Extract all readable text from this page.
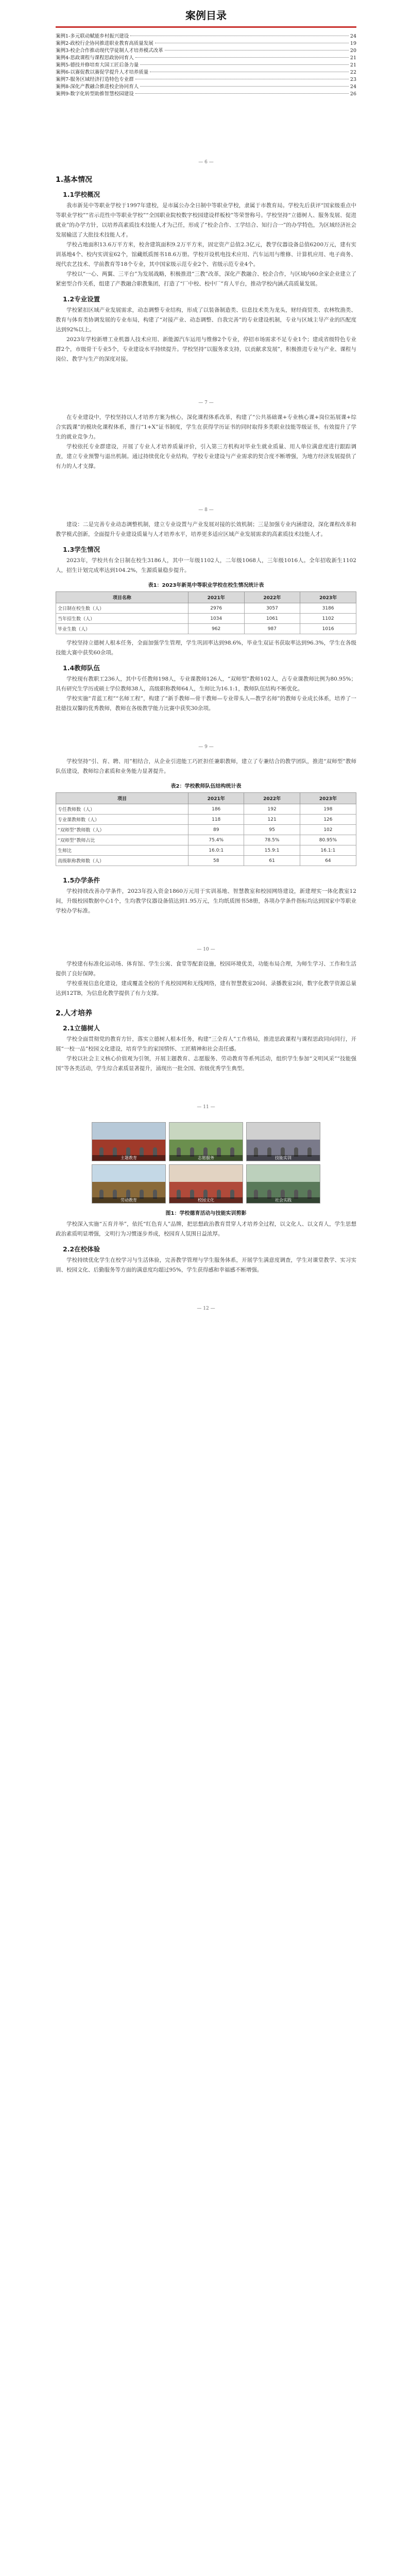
案例目录
案例1-多元联动赋能乡村振兴建设	24
案例2-政校行企协同推进职业教育高质量发展	19
案例3-校企合作推动现代学徒制人才培养模式改革	20
案例4-思政课程与课程思政协同育人	21
案例5-德技并修培育大国工匠后备力量	21
案例6-以赛促教以赛促学提升人才培养质量	22
案例7-服务区域经济打造特色专业群	23
案例8-深化产教融合推进校企协同育人	24
案例9-数字化转型助推智慧校园建设	26
— 6 —
1.基本情况
1.1学校概况

我市新晃中等职业学校于1997年建校，是市属公办全日制中等职业学校，隶属于市教育局。学校先后获评“国家级重点中等职业学校”“省示范性中等职业学校”“全国职业院校数字校园建设样板校”等荣誉称号。学校坚持“立德树人、服务发展、促进就业”的办学方针，以培养高素质技术技能人才为己任，形成了“校企合作、工学结合、知行合一”的办学特色，为区域经济社会发展输送了大批技术技能人才。

学校占地面积13.6万平方米，校舍建筑面积9.2万平方米，固定资产总值2.3亿元，教学仪器设备总值6200万元，建有实训基地4个、校内实训室62个，馆藏纸质图书18.6万册。学校开设机电技术应用、汽车运用与维修、计算机应用、电子商务、现代农艺技术、学前教育等18个专业，其中国家级示范专业2个、省级示范专业4个。

学校以“一心、两翼、三平台”为发展战略，积极推进“三教”改革，深化产教融合、校企合作，与区域内60余家企业建立了紧密型合作关系，组建了产教融合职教集团，打造了“厂中校、校中厂”育人平台，推动学校内涵式高质量发展。

1.2专业设置

学校紧扣区域产业发展需求，动态调整专业结构，形成了以装备制造类、信息技术类为龙头，财经商贸类、农林牧渔类、教育与体育类协调发展的专业布局，构建了“对接产业、动态调整、自我完善”的专业建设机制，专业与区域主导产业的匹配度达到92%以上。

2023年学校新增工业机器人技术应用、新能源汽车运用与维修2个专业，停招市场需求不足专业1个；建成省级特色专业群2个，市级骨干专业5个，专业建设水平持续提升。学校坚持“以服务求支持，以贡献求发展”，积极推进专业与产业、课程与岗位、教学与生产的深度对接。

— 7 —

在专业建设中，学校坚持以人才培养方案为核心，深化课程体系改革，构建了“公共基础课+专业核心课+岗位拓展课+综合实践课”的模块化课程体系，推行“1+X”证书制度，学生在获得学历证书的同时取得多类职业技能等级证书，有效提升了学生的就业竞争力。

学校依托专业群建设，开展了专业人才培养质量评价，引入第三方机构对毕业生就业质量、用人单位满意度进行跟踪调查，建立专业预警与退出机制。通过持续优化专业结构，学校专业建设与产业需求的契合度不断增强，为地方经济发展提供了有力的人才支撑。

— 8 —

建设：二是完善专业动态调整机制，建立专业设置与产业发展对接的长效机制；三是加强专业内涵建设，深化课程改革和教学模式创新，全面提升专业建设质量与人才培养水平，培养更多适应区域产业发展需求的高素质技术技能人才。

1.3学生情况

2023年，学校共有全日制在校生3186人，其中一年级1102人，二年级1068人，三年级1016人。全年招收新生1102人，招生计划完成率达到104.2%，生源质量稳步提升。

表1：2023年新晃中等职业学校在校生情况统计表
项目名称	2021年	2022年	2023年
全日制在校生数（人）	2976	3057	3186
当年招生数（人）	1034	1061	1102
毕业生数（人）	962	987	1016

学校坚持立德树人根本任务，全面加强学生管理，学生巩固率达到98.6%，毕业生双证书获取率达到96.3%，学生在各级技能大赛中获奖60余项。

1.4教师队伍

学校现有教职工236人，其中专任教师198人，专业课教师126人，“双师型”教师102人，占专业课教师比例为80.95%；具有研究生学历或硕士学位教师38人，高级职称教师64人，生师比为16.1:1，教师队伍结构不断优化。

学校实施“青蓝工程”“名师工程”，构建了“新手教师—骨干教师—专业带头人—教学名师”的教师专业成长体系，培养了一批德技双馨的优秀教师，教师在各级教学能力比赛中获奖30余项。

— 9 —

学校坚持“引、育、聘、用”相结合，从企业引进能工巧匠担任兼职教师，建立了专兼结合的教学团队，推进“双师型”教师队伍建设，教师综合素质和业务能力显著提升。

表2：学校教师队伍结构统计表
项目	2021年	2022年	2023年
专任教师数（人）	186	192	198
专业课教师数（人）	118	121	126
“双师型”教师数（人）	89	95	102
“双师型”教师占比	75.4%	78.5%	80.95%
生师比	16.0:1	15.9:1	16.1:1
高级职称教师数（人）	58	61	64
1.5办学条件

学校持续改善办学条件，2023年投入资金1860万元用于实训基地、智慧教室和校园网络建设，新建理实一体化教室12间，升级校园数据中心1个，生均教学仪器设备值达到1.95万元，生均纸质图书58册，各项办学条件指标均达到国家中等职业学校办学标准。

— 10 —

学校建有标准化运动场、体育馆、学生公寓、食堂等配套设施，校园环境优美，功能布局合理，为师生学习、工作和生活提供了良好保障。

学校重视信息化建设，建成覆盖全校的千兆校园网和无线网络，建有智慧教室20间、录播教室2间，数字化教学资源总量达到12TB，为信息化教学提供了有力支撑。

2.人才培养
2.1立德树人

学校全面贯彻党的教育方针，落实立德树人根本任务，构建“三全育人”工作格局，推进思政课程与课程思政同向同行，开展“一校一品”校园文化建设，培育学生的家国情怀、工匠精神和社会责任感。

学校以社会主义核心价值观为引领，开展主题教育、志愿服务、劳动教育等系列活动，组织学生参加“文明风采”“技能强国”等各类活动，学生综合素质显著提升，涌现出一批全国、省级优秀学生典型。

— 11 —
主题教育	志愿服务	技能实训
劳动教育	校园文化	社会实践
图1：学校德育活动与技能实训剪影

学校深入实施“五育并举”，依托“红色育人”品牌，把思想政治教育贯穿人才培养全过程，以文化人、以文育人，学生思想政治素质明显增强，文明行为习惯逐步养成，校园育人氛围日益浓厚。

2.2在校体验

学校持续优化学生在校学习与生活体验，完善教学管理与学生服务体系，开展学生满意度调查，学生对课堂教学、实习实训、校园文化、后勤服务等方面的满意度均超过95%，学生获得感和幸福感不断增强。

— 12 —
